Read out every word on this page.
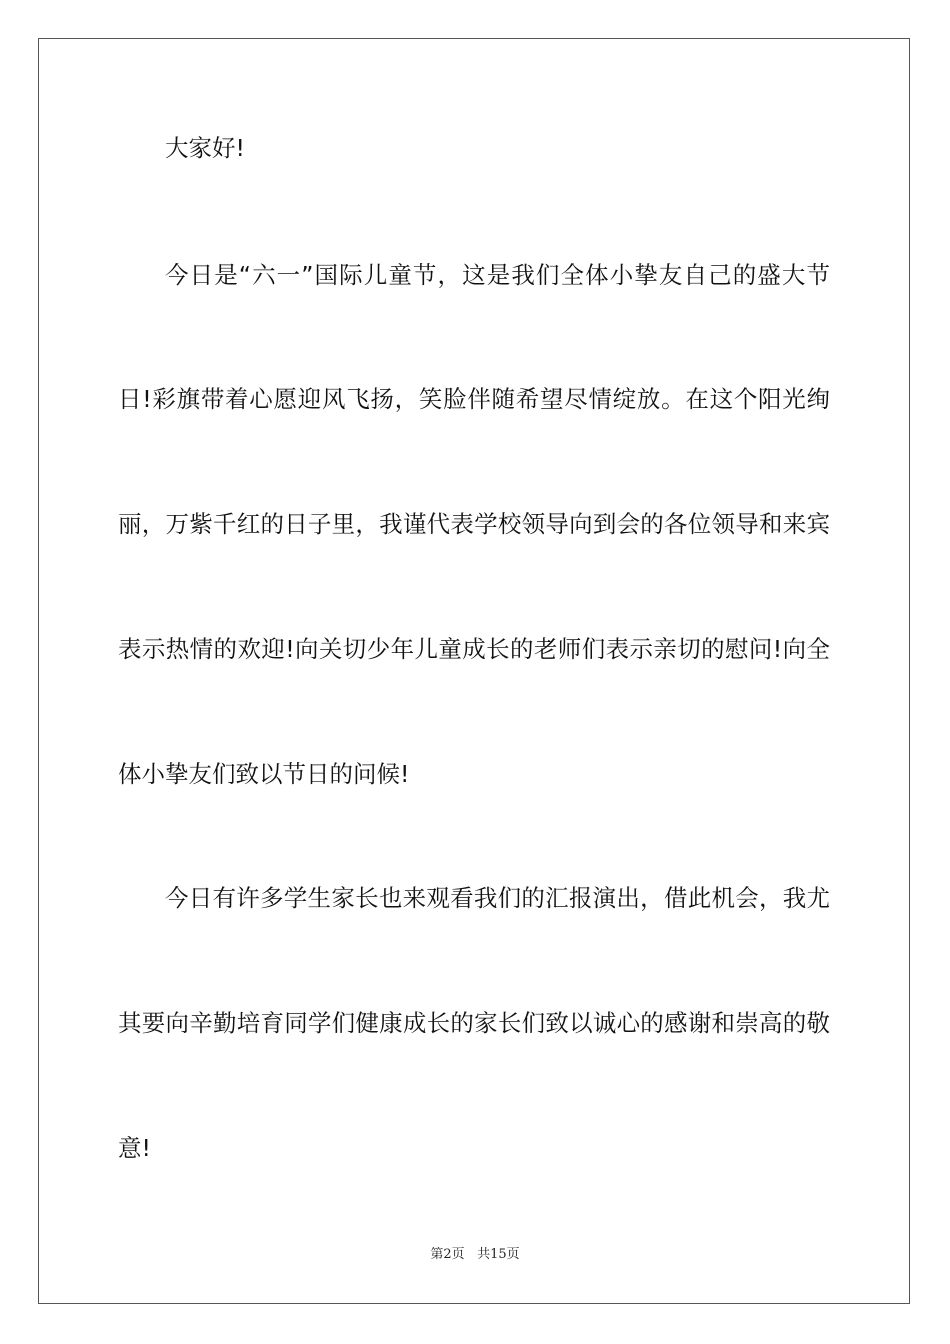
大家好!
今日是“六一”国际儿童节，这是我们全体小挚友自己的盛大节
日!彩旗带着心愿迎风飞扬，笑脸伴随希望尽情绽放。在这个阳光绚
丽，万紫千红的日子里，我谨代表学校领导向到会的各位领导和来宾
表示热情的欢迎!向关切少年儿童成长的老师们表示亲切的慰问!向全
体小挚友们致以节日的问候!
今日有许多学生家长也来观看我们的汇报演出，借此机会，我尤
其要向辛勤培育同学们健康成长的家长们致以诚心的感谢和崇高的敬
意!
第2页 共15页
